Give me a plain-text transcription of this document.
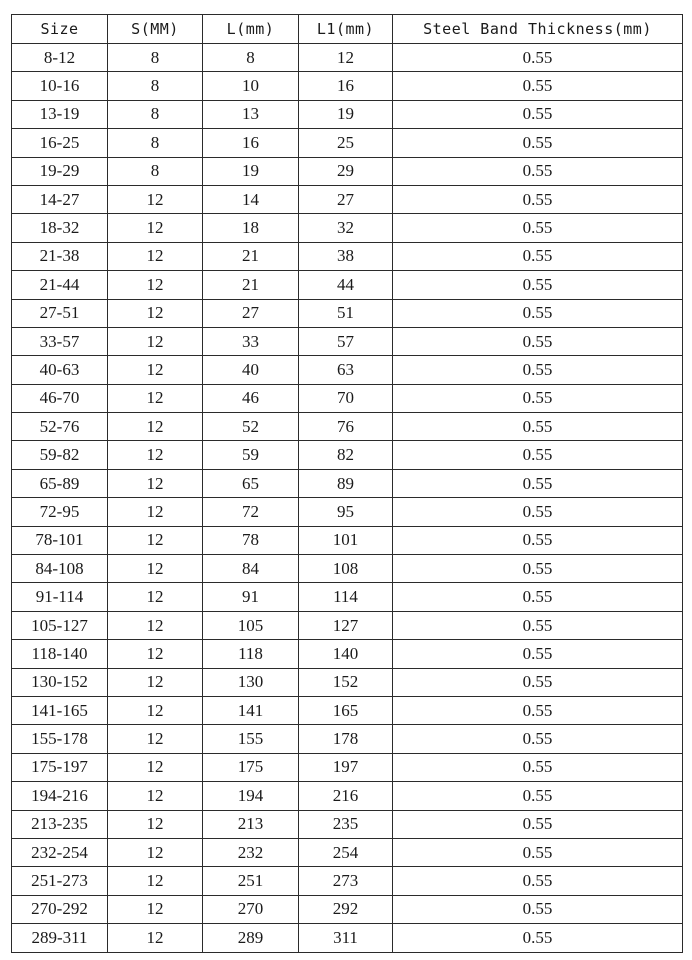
Size	S(MM)	L(mm)	L1(mm)	Steel Band Thickness(mm)
8-12	8	8	12	0.55
10-16	8	10	16	0.55
13-19	8	13	19	0.55
16-25	8	16	25	0.55
19-29	8	19	29	0.55
14-27	12	14	27	0.55
18-32	12	18	32	0.55
21-38	12	21	38	0.55
21-44	12	21	44	0.55
27-51	12	27	51	0.55
33-57	12	33	57	0.55
40-63	12	40	63	0.55
46-70	12	46	70	0.55
52-76	12	52	76	0.55
59-82	12	59	82	0.55
65-89	12	65	89	0.55
72-95	12	72	95	0.55
78-101	12	78	101	0.55
84-108	12	84	108	0.55
91-114	12	91	114	0.55
105-127	12	105	127	0.55
118-140	12	118	140	0.55
130-152	12	130	152	0.55
141-165	12	141	165	0.55
155-178	12	155	178	0.55
175-197	12	175	197	0.55
194-216	12	194	216	0.55
213-235	12	213	235	0.55
232-254	12	232	254	0.55
251-273	12	251	273	0.55
270-292	12	270	292	0.55
289-311	12	289	311	0.55
